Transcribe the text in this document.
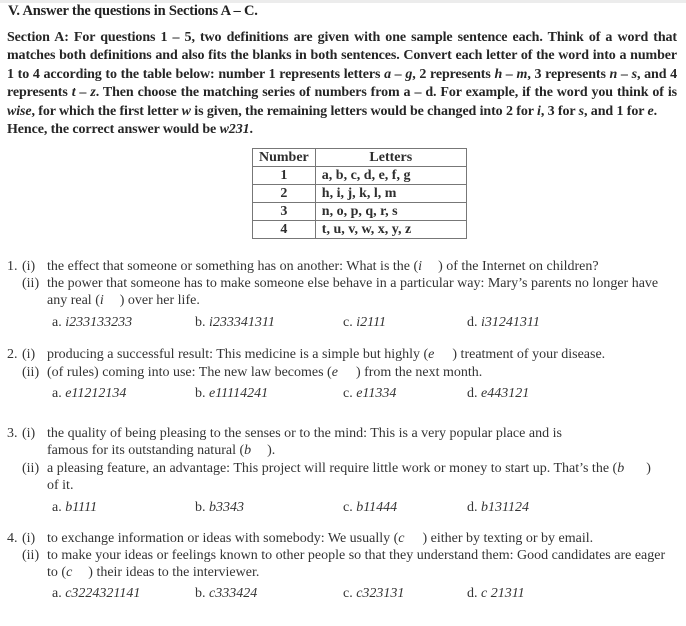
V. Answer the questions in Sections A – C.
Section A: For questions 1 – 5, two definitions are given with one sample sentence each. Think of a word that matches both definitions and also fits the blanks in both sentences. Convert each letter of the word into a number 1 to 4 according to the table below: number 1 represents letters a – g, 2 represents h – m, 3 represents n – s, and 4 represents t – z. Then choose the matching series of numbers from a – d. For example, if the word you think of is wise, for which the first letter w is given, the remaining letters would be changed into 2 for i, 3 for s, and 1 for e.
Hence, the correct answer would be w231.
Number	Letters
1	a, b, c, d, e, f, g
2	h, i, j, k, l, m
3	n, o, p, q, r, s
4	t, u, v, w, x, y, z
1. (i) the effect that someone or something has on another: What is the (i ) of the Internet on children?
(ii) the power that someone has to make someone else behave in a particular way: Mary’s parents no longer have
any real (i ) over her life.
a. i233133233	b. i233341311	c. i2111	d. i31241311
2. (i) producing a successful result: This medicine is a simple but highly (e ) treatment of your disease.
(ii) (of rules) coming into use: The new law becomes (e ) from the next month.
a. e11212134	b. e11114241	c. e11334	d. e443121
3. (i) the quality of being pleasing to the senses or to the mind: This is a very popular place and is
famous for its outstanding natural (b ).
(ii) a pleasing feature, an advantage: This project will require little work or money to start up. That’s the (b )
of it.
a. b1111	b. b3343	c. b11444	d. b131124
4. (i) to exchange information or ideas with somebody: We usually (c ) either by texting or by email.
(ii) to make your ideas or feelings known to other people so that they understand them: Good candidates are eager
to (c ) their ideas to the interviewer.
a. c3224321141	b. c333424	c. c323131	d. c 21311
